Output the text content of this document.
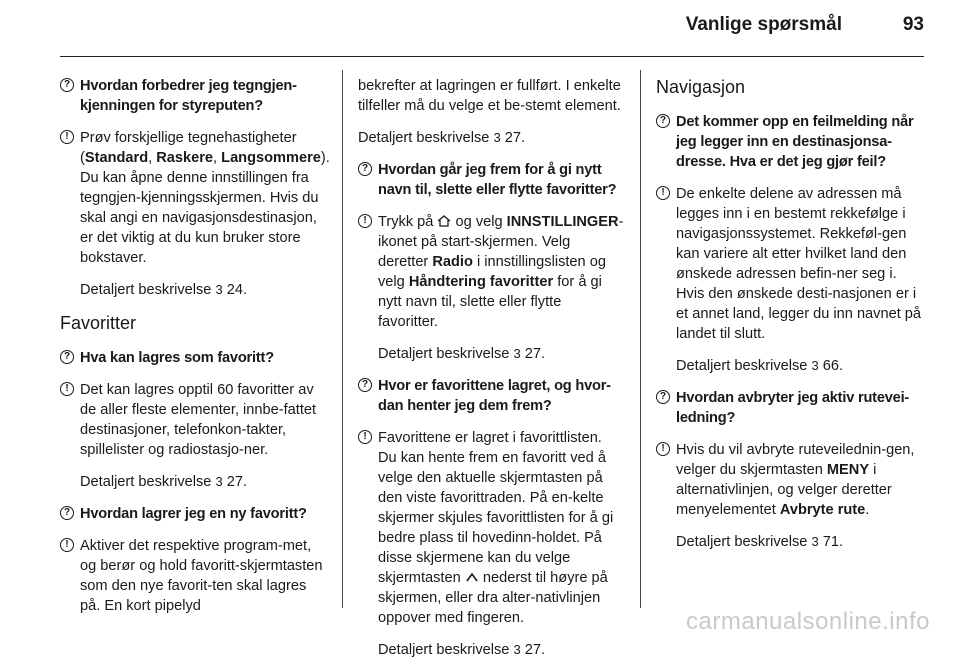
Vanlige spørsmål	93
? Hvordan forbedrer jeg tegngjen-kjenningen for styreputen?
! Prøv forskjellige tegnehastigheter (Standard, Raskere, Langsommere). Du kan åpne denne innstillingen fra tegngjen-kjenningsskjermen. Hvis du skal angi en navigasjonsdestinasjon, er det viktig at du kun bruker store bokstaver.
Detaljert beskrivelse 3 24.
Favoritter
? Hva kan lagres som favoritt?
! Det kan lagres opptil 60 favoritter av de aller fleste elementer, innbe-fattet destinasjoner, telefonkon-takter, spillelister og radiostasjo-ner.
Detaljert beskrivelse 3 27.
? Hvordan lagrer jeg en ny favoritt?
! Aktiver det respektive program-met, og berør og hold favoritt-skjermtasten som den nye favorit-ten skal lagres på. En kort pipelyd
bekrefter at lagringen er fullført. I enkelte tilfeller må du velge et be-stemt element.
Detaljert beskrivelse 3 27.
? Hvordan går jeg frem for å gi nytt navn til, slette eller flytte favoritter?
! Trykk på og velg INNSTILLINGER-ikonet på start-skjermen. Velg deretter Radio i innstillingslisten og velg Håndtering favoritter for å gi nytt navn til, slette eller flytte favoritter.
Detaljert beskrivelse 3 27.
? Hvor er favorittene lagret, og hvor-dan henter jeg dem frem?
! Favorittene er lagret i favorittlisten. Du kan hente frem en favoritt ved å velge den aktuelle skjermtasten på den viste favorittraden. På en-kelte skjermer skjules favorittlisten for å gi bedre plass til hovedinn-holdet. På disse skjermene kan du velge skjermtasten nederst til høyre på skjermen, eller dra alter-nativlinjen oppover med fingeren.
Detaljert beskrivelse 3 27.
Navigasjon
? Det kommer opp en feilmelding når jeg legger inn en destinasjonsa-dresse. Hva er det jeg gjør feil?
! De enkelte delene av adressen må legges inn i en bestemt rekkefølge i navigasjonssystemet. Rekkeføl-gen kan variere alt etter hvilket land den ønskede adressen befin-ner seg i. Hvis den ønskede desti-nasjonen er i et annet land, legger du inn navnet på landet til slutt.
Detaljert beskrivelse 3 66.
? Hvordan avbryter jeg aktiv rutevei-ledning?
! Hvis du vil avbryte ruteveilednin-gen, velger du skjermtasten MENY i alternativlinjen, og velger deretter menyelementet Avbryte rute.
Detaljert beskrivelse 3 71.
carmanualsonline.info
